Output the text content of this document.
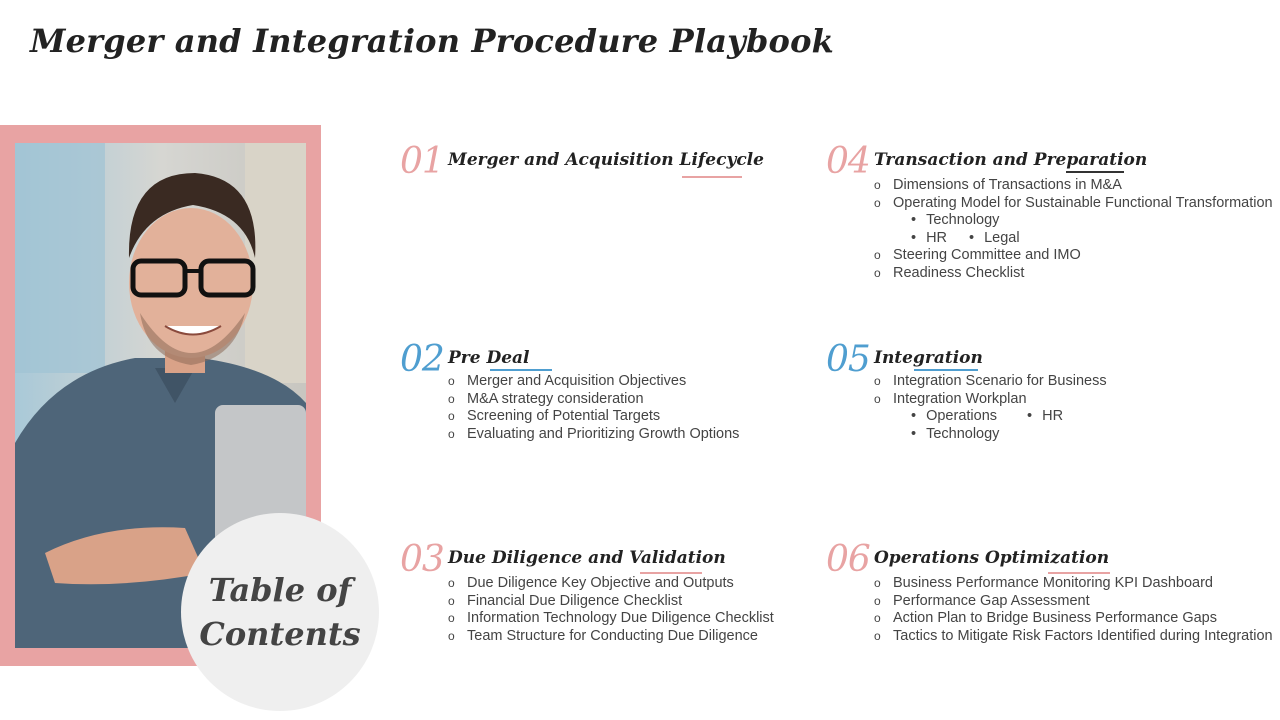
Merger and Integration Procedure Playbook
Table of
Contents
01 Merger and Acquisition Lifecycle
02 Pre Deal
o Merger and Acquisition Objectives
o M&A strategy consideration
o Screening of Potential Targets
o Evaluating and Prioritizing Growth Options
03 Due Diligence and Validation
o Due Diligence Key Objective and Outputs
o Financial Due Diligence Checklist
o Information Technology Due Diligence Checklist
o Team Structure for Conducting Due Diligence
04 Transaction and Preparation
o Dimensions of Transactions in M&A
o Operating Model for Sustainable Functional Transformation
• Technology
• HR • Legal
o Steering Committee and IMO
o Readiness Checklist
05 Integration
o Integration Scenario for Business
o Integration Workplan
• Operations • HR
• Technology
06 Operations Optimization
o Business Performance Monitoring KPI Dashboard
o Performance Gap Assessment
o Action Plan to Bridge Business Performance Gaps
o Tactics to Mitigate Risk Factors Identified during Integration
